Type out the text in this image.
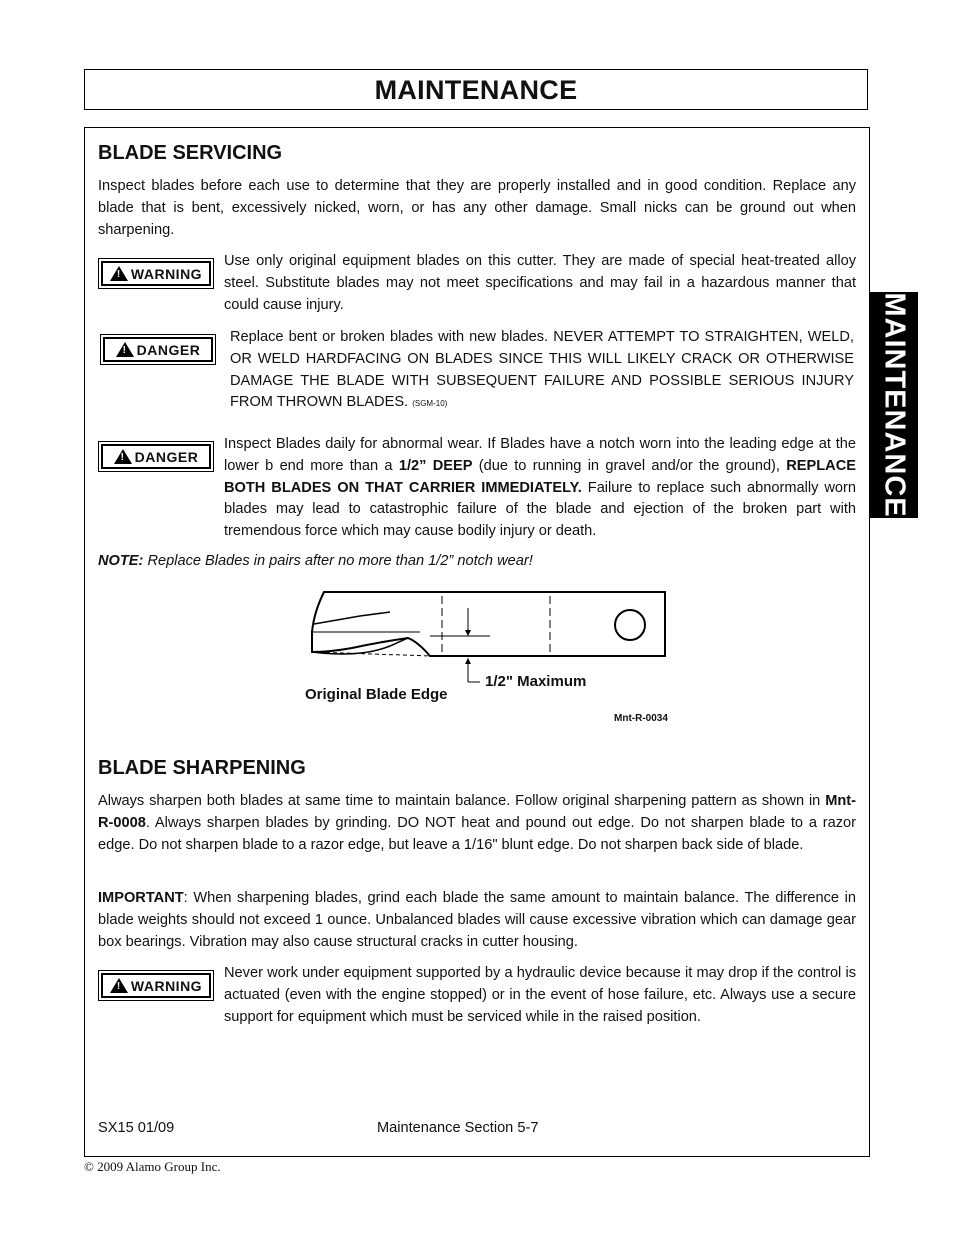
MAINTENANCE
MAINTENANCE
BLADE SERVICING
Inspect blades before each use to determine that they are properly installed and in good condition. Replace any blade that is bent, excessively nicked, worn, or has any other damage. Small nicks can be ground out when sharpening.
! WARNING
Use only original equipment blades on this cutter. They are made of special heat-treated alloy steel. Substitute blades may not meet specifications and may fail in a hazardous manner that could cause injury.
! DANGER
Replace bent or broken blades with new blades. NEVER ATTEMPT TO STRAIGHTEN, WELD, OR WELD HARDFACING ON BLADES SINCE THIS WILL LIKELY CRACK OR OTHERWISE DAMAGE THE BLADE WITH SUBSEQUENT FAILURE AND POSSIBLE SERIOUS INJURY FROM THROWN BLADES. (SGM-10)
! DANGER
Inspect Blades daily for abnormal wear. If Blades have a notch worn into the leading edge at the lower b end more than a 1/2” DEEP (due to running in gravel and/or the ground), REPLACE BOTH BLADES ON THAT CARRIER IMMEDIATELY. Failure to replace such abnormally worn blades may lead to catastrophic failure of the blade and ejection of the broken part with tremendous force which may cause bodily injury or death.
NOTE: Replace Blades in pairs after no more than 1/2” notch wear!
Original Blade Edge
1/2" Maximum
Mnt-R-0034
BLADE SHARPENING
Always sharpen both blades at same time to maintain balance. Follow original sharpening pattern as shown in Mnt-R-0008. Always sharpen blades by grinding. DO NOT heat and pound out edge. Do not sharpen blade to a razor edge. Do not sharpen blade to a razor edge, but leave a 1/16" blunt edge. Do not sharpen back side of blade.
IMPORTANT: When sharpening blades, grind each blade the same amount to maintain balance. The difference in blade weights should not exceed 1 ounce. Unbalanced blades will cause excessive vibration which can damage gear box bearings. Vibration may also cause structural cracks in cutter housing.
! WARNING
Never work under equipment supported by a hydraulic device because it may drop if the control is actuated (even with the engine stopped) or in the event of hose failure, etc. Always use a secure support for equipment which must be serviced while in the raised position.
SX15 01/09	Maintenance Section 5-7
© 2009 Alamo Group Inc.
